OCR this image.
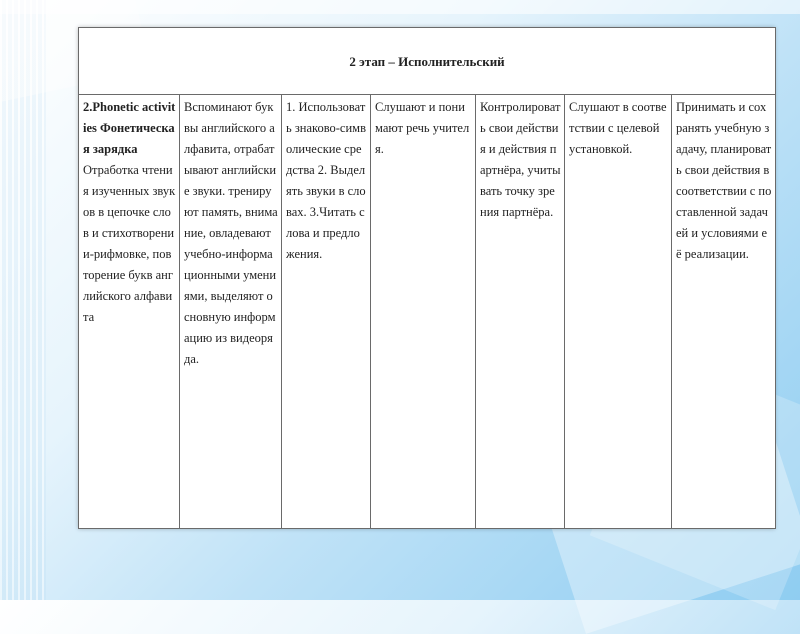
2 этап – Исполнительский

2.Phonetic activities Фонетическая зарядка
Отработка чтения изученных звуков в цепочке слов и стихотворении-рифмовке, повторение букв английского алфавита
	Вспоминают буквы английского алфавита, отрабатывают английские звуки. тренируют память, внимание, овладевают учебно-информационными умениями, выделяют основную информацию из видеоряда.	1. Использовать знаково-символические средства 2. Выделять звуки в словах. 3.Читать слова и предложения.	Слушают и понимают речь учителя.	Контролировать свои действия и действия партнёра, учитывать точку зрения партнёра.	Слушают в соответствии с целевой установкой.	Принимать и сохранять учебную задачу, планировать свои действия в соответствии с поставленной задачей и условиями её реализации.
